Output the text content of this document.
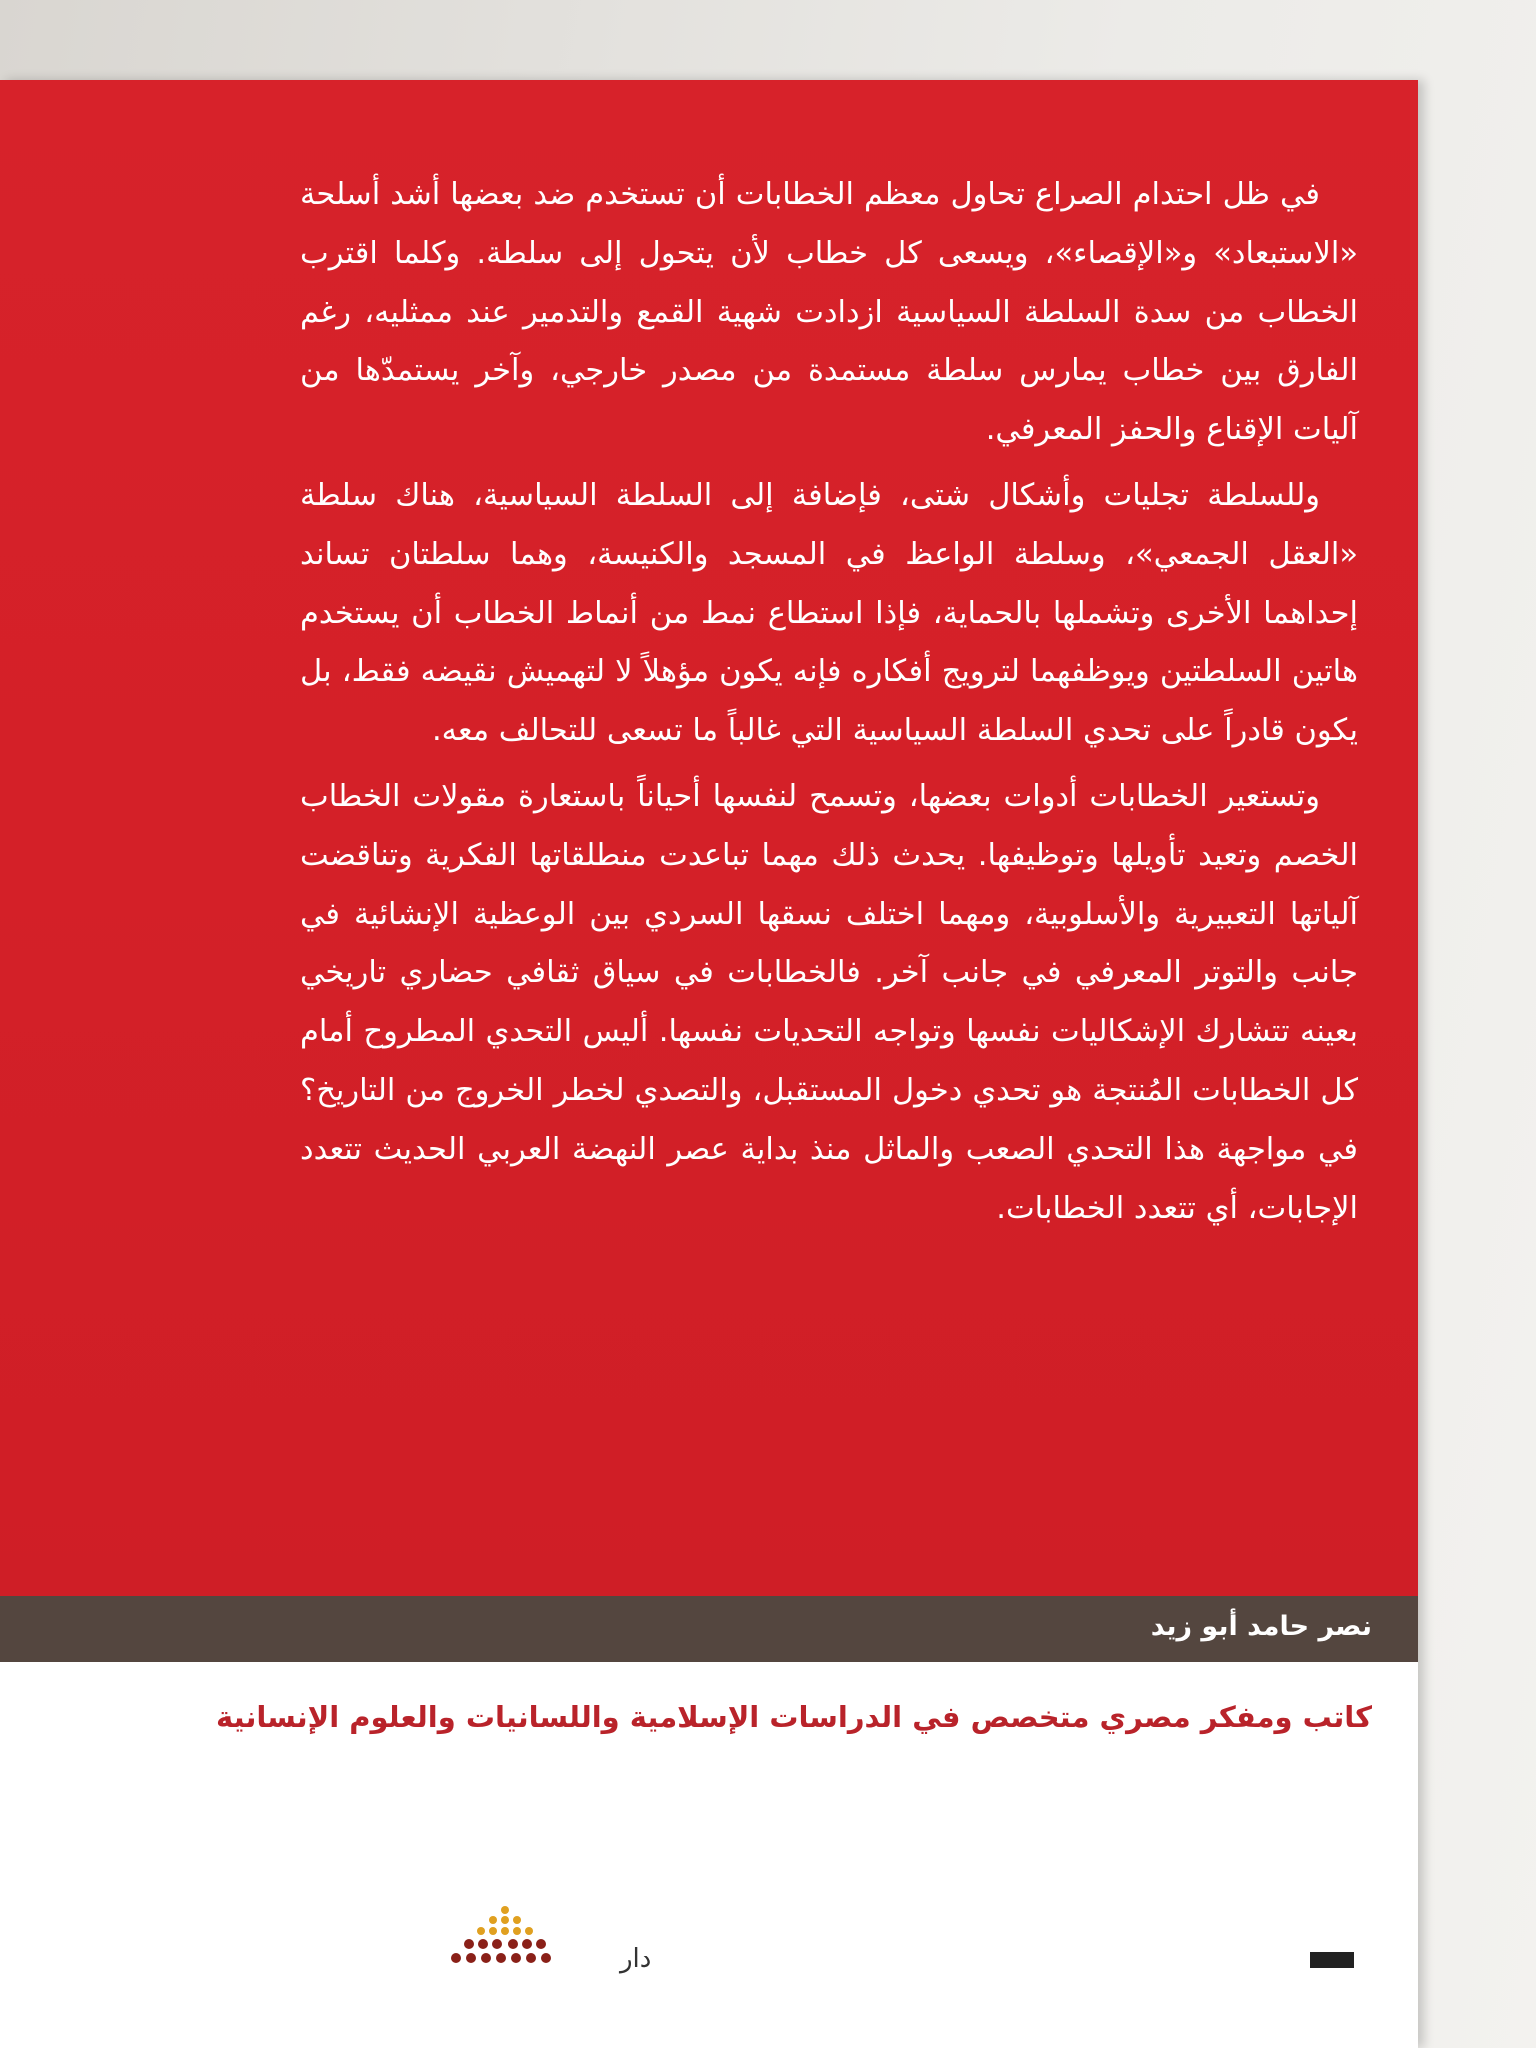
في ظل احتدام الصراع تحاول معظم الخطابات أن تستخدم ضد بعضها أشد أسلحة «الاستبعاد» و«الإقصاء»، ويسعى كل خطاب لأن يتحول إلى سلطة. وكلما اقترب الخطاب من سدة السلطة السياسية ازدادت شهية القمع والتدمير عند ممثليه، رغم الفارق بين خطاب يمارس سلطة مستمدة من مصدر خارجي، وآخر يستمدّها من آليات الإقناع والحفز المعرفي.

وللسلطة تجليات وأشكال شتى، فإضافة إلى السلطة السياسية، هناك سلطة «العقل الجمعي»، وسلطة الواعظ في المسجد والكنيسة، وهما سلطتان تساند إحداهما الأخرى وتشملها بالحماية، فإذا استطاع نمط من أنماط الخطاب أن يستخدم هاتين السلطتين ويوظفهما لترويج أفكاره فإنه يكون مؤهلاً لا لتهميش نقيضه فقط، بل يكون قادراً على تحدي السلطة السياسية التي غالباً ما تسعى للتحالف معه.

وتستعير الخطابات أدوات بعضها، وتسمح لنفسها أحياناً باستعارة مقولات الخطاب الخصم وتعيد تأويلها وتوظيفها. يحدث ذلك مهما تباعدت منطلقاتها الفكرية وتناقضت آلياتها التعبيرية والأسلوبية، ومهما اختلف نسقها السردي بين الوعظية الإنشائية في جانب والتوتر المعرفي في جانب آخر. فالخطابات في سياق ثقافي حضاري تاريخي بعينه تتشارك الإشكاليات نفسها وتواجه التحديات نفسها. أليس التحدي المطروح أمام كل الخطابات المُنتجة هو تحدي دخول المستقبل، والتصدي لخطر الخروج من التاريخ؟ في مواجهة هذا التحدي الصعب والماثل منذ بداية عصر النهضة العربي الحديث تتعدد الإجابات، أي تتعدد الخطابات.

نصر حامد أبو زيد
كاتب ومفكر مصري متخصص في الدراسات الإسلامية واللسانيات والعلوم الإنسانية
دار
